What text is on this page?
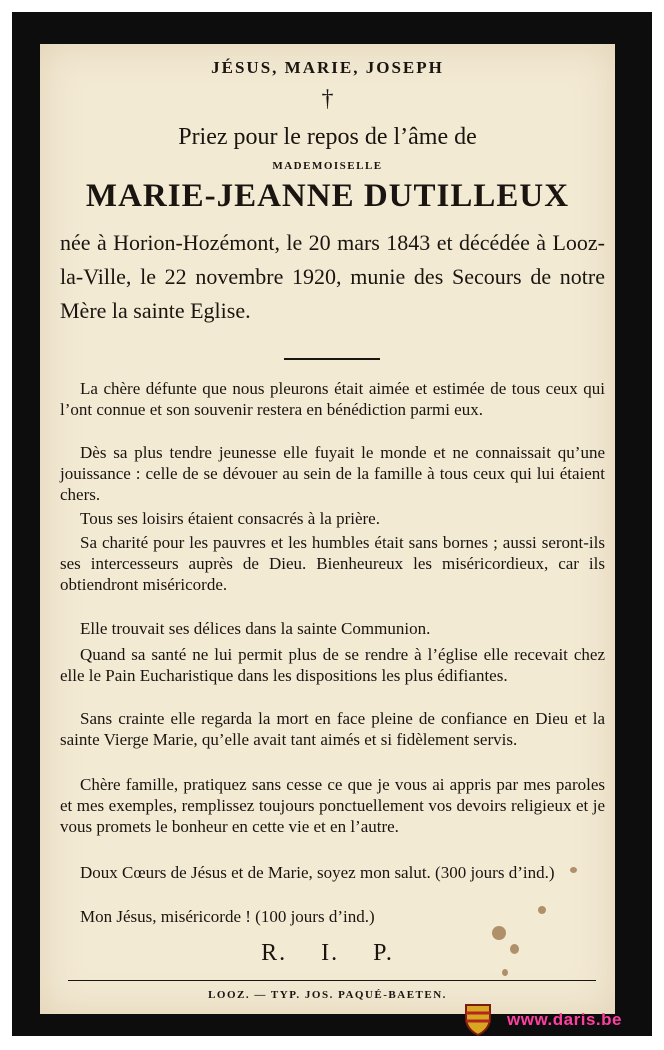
JÉSUS, MARIE, JOSEPH
†
Priez pour le repos de l’âme de
MADEMOISELLE
MARIE-JEANNE DUTILLEUX
née à Horion-Hozémont, le 20 mars 1843 et décédée à Looz-la-Ville, le 22 novembre 1920, munie des Secours de notre Mère la sainte Eglise.
La chère défunte que nous pleurons était aimée et estimée de tous ceux qui l’ont connue et son souvenir restera en bénédiction parmi eux.
Dès sa plus tendre jeunesse elle fuyait le monde et ne connaissait qu’une jouissance : celle de se dévouer au sein de la famille à tous ceux qui lui étaient chers.
Tous ses loisirs étaient consacrés à la prière.
Sa charité pour les pauvres et les humbles était sans bornes ; aussi seront-ils ses intercesseurs auprès de Dieu. Bienheureux les miséricordieux, car ils obtiendront miséricorde.
Elle trouvait ses délices dans la sainte Communion.
Quand sa santé ne lui permit plus de se rendre à l’église elle recevait chez elle le Pain Eucharistique dans les dispositions les plus édifiantes.
Sans crainte elle regarda la mort en face pleine de confiance en Dieu et la sainte Vierge Marie, qu’elle avait tant aimés et si fidèlement servis.
Chère famille, pratiquez sans cesse ce que je vous ai appris par mes paroles et mes exemples, remplissez toujours ponctuellement vos devoirs religieux et je vous promets le bonheur en cette vie et en l’autre.
Doux Cœurs de Jésus et de Marie, soyez mon salut. (300 jours d’ind.)
Mon Jésus, miséricorde ! (100 jours d’ind.)
R. I. P.
LOOZ. — TYP. JOS. PAQUÉ-BAETEN.
www.daris.be
